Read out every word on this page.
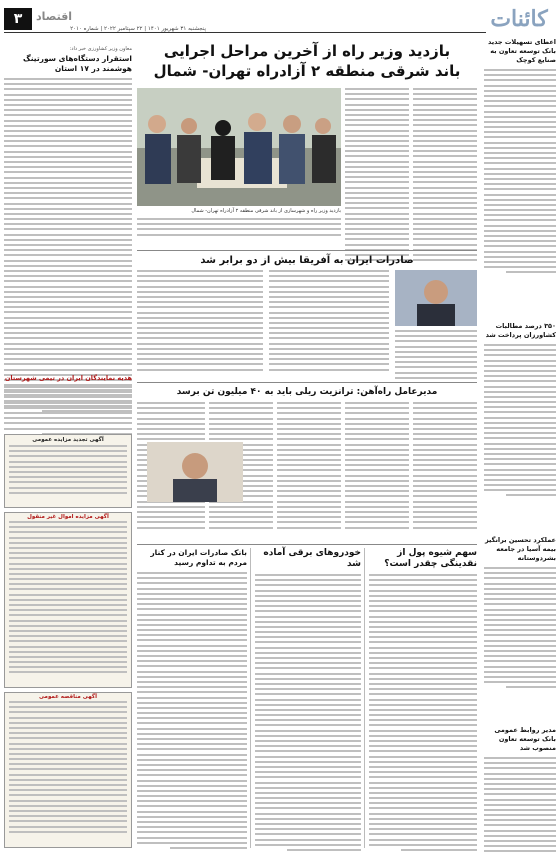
کائنات
۳	اقتصاد
پنجشنبه ۳۱ شهریور ۱۴۰۱ | ۲۲ سپتامبر ۲۰۲۲ | شماره ۲۰۱۰
اعطای تسهیلات جدید بانک توسعه تعاون به صنایع کوچک
۳۵۰ درصد مطالبات کشاورزان پرداخت شد
عملکرد تحسین برانگیز بیمه آسیا در جامعه بشردوستانه
مدیر روابط عمومی بانک توسعه تعاون منصوب شد
بازدید وزیر راه از آخرین مراحل اجرایی
باند شرقی منطقه ۲ آزادراه تهران- شمال
بازدید وزیر راه و شهرسازی از باند شرقی منطقه ۲ آزادراه تهران- شمال
صادرات ایران به آفریقا بیش از دو برابر شد
مدیرعامل راه‌آهن: ترانزیت ریلی باید به ۴۰ میلیون تن برسد
سهم شیوه پول از نقدینگی چقدر است؟
خودروهای برقی آماده شد
بانک صادرات ایران در کنار مردم به تداوم رسید
معاون وزیر کشاورزی خبر داد:
استقرار دستگاه‌های سورتینگ هوشمند در ۱۷ استان
هدیه نمایندگان ایران در تیمی‌ شهرستان
آگهی تجدید مزایده عمومی
آگهی مزایده اموال غیر منقول
آگهی مناقصه عمومی
